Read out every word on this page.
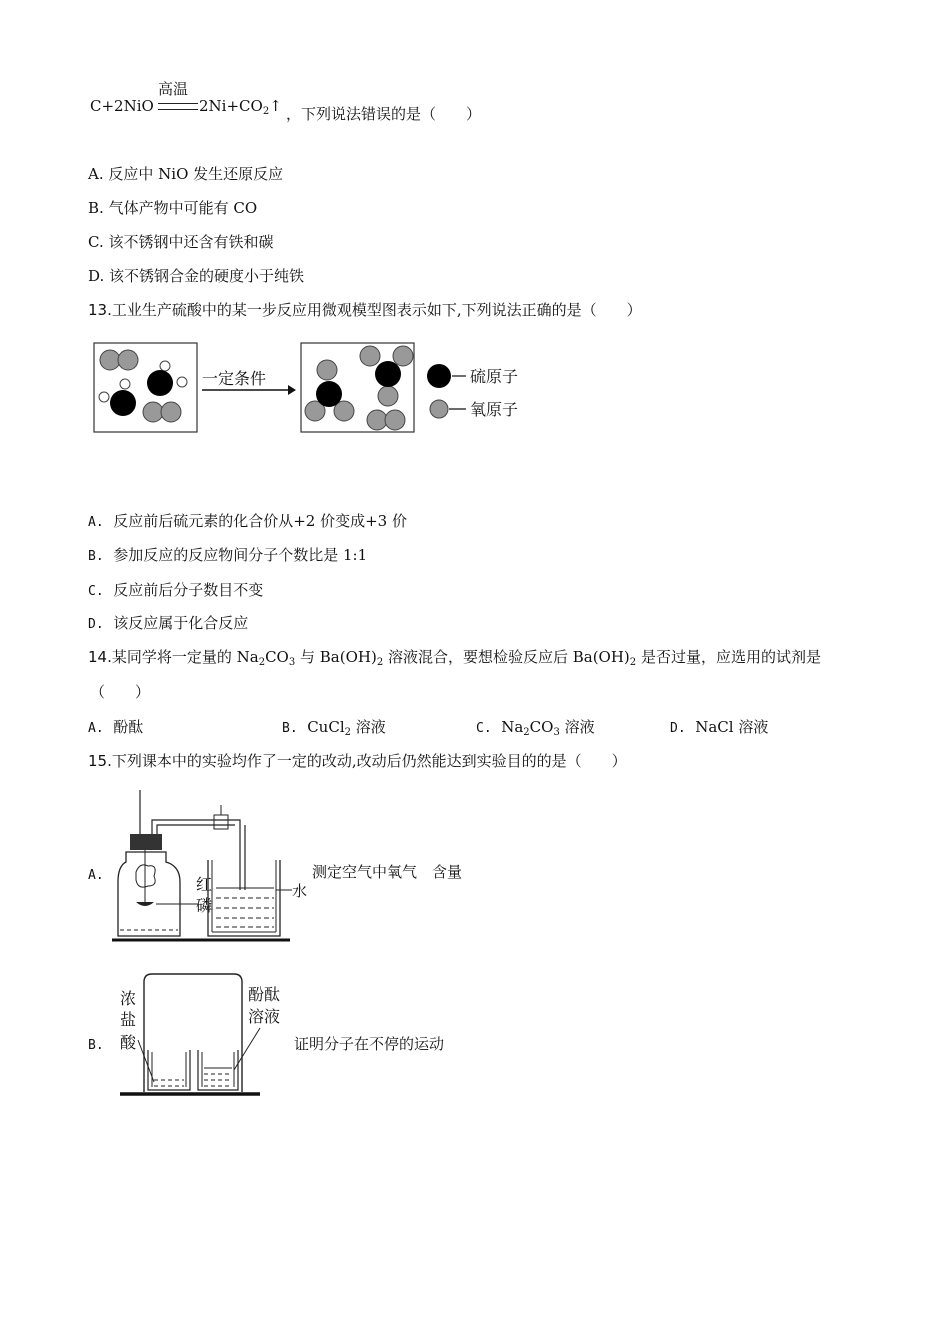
C+2NiO
高温
$2Ni+CO_2↑$ ，下列说法错误的是（　　）
A. 反应中 NiO 发生还原反应
B. 气体产物中可能有 CO
C. 该不锈钢中还含有铁和碳
D. 该不锈钢合金的硬度小于纯铁
13.工业生产硫酸中的某一步反应用微观模型图表示如下,下列说法正确的是（　　）
一定条件	硫原子
氧原子
A. 反应前后硫元素的化合价从+2 价变成+3 价
B. 参加反应的反应物间分子个数比是 1:1
C. 反应前后分子数目不变
D. 该反应属于化合反应
14.某同学将一定量的 $Na_2CO_3$ 与 $Ba(OH)_2$ 溶液混合，要想检验反应后 $Ba(OH)_2$ 是否过量，应选用的试剂是
（　　）
A. 酚酞	B. CuCl$_2$ 溶液	C. $Na_2CO_3$ 溶液	D. NaCl 溶液
15.下列课本中的实验均作了一定的改动,改动后仍然能达到实验目的的是（　　）
A.
水
红
磷
测定空气中氧气　含量
B.
浓
盐
酸
酚酞
溶液
证明分子在不停的运动
